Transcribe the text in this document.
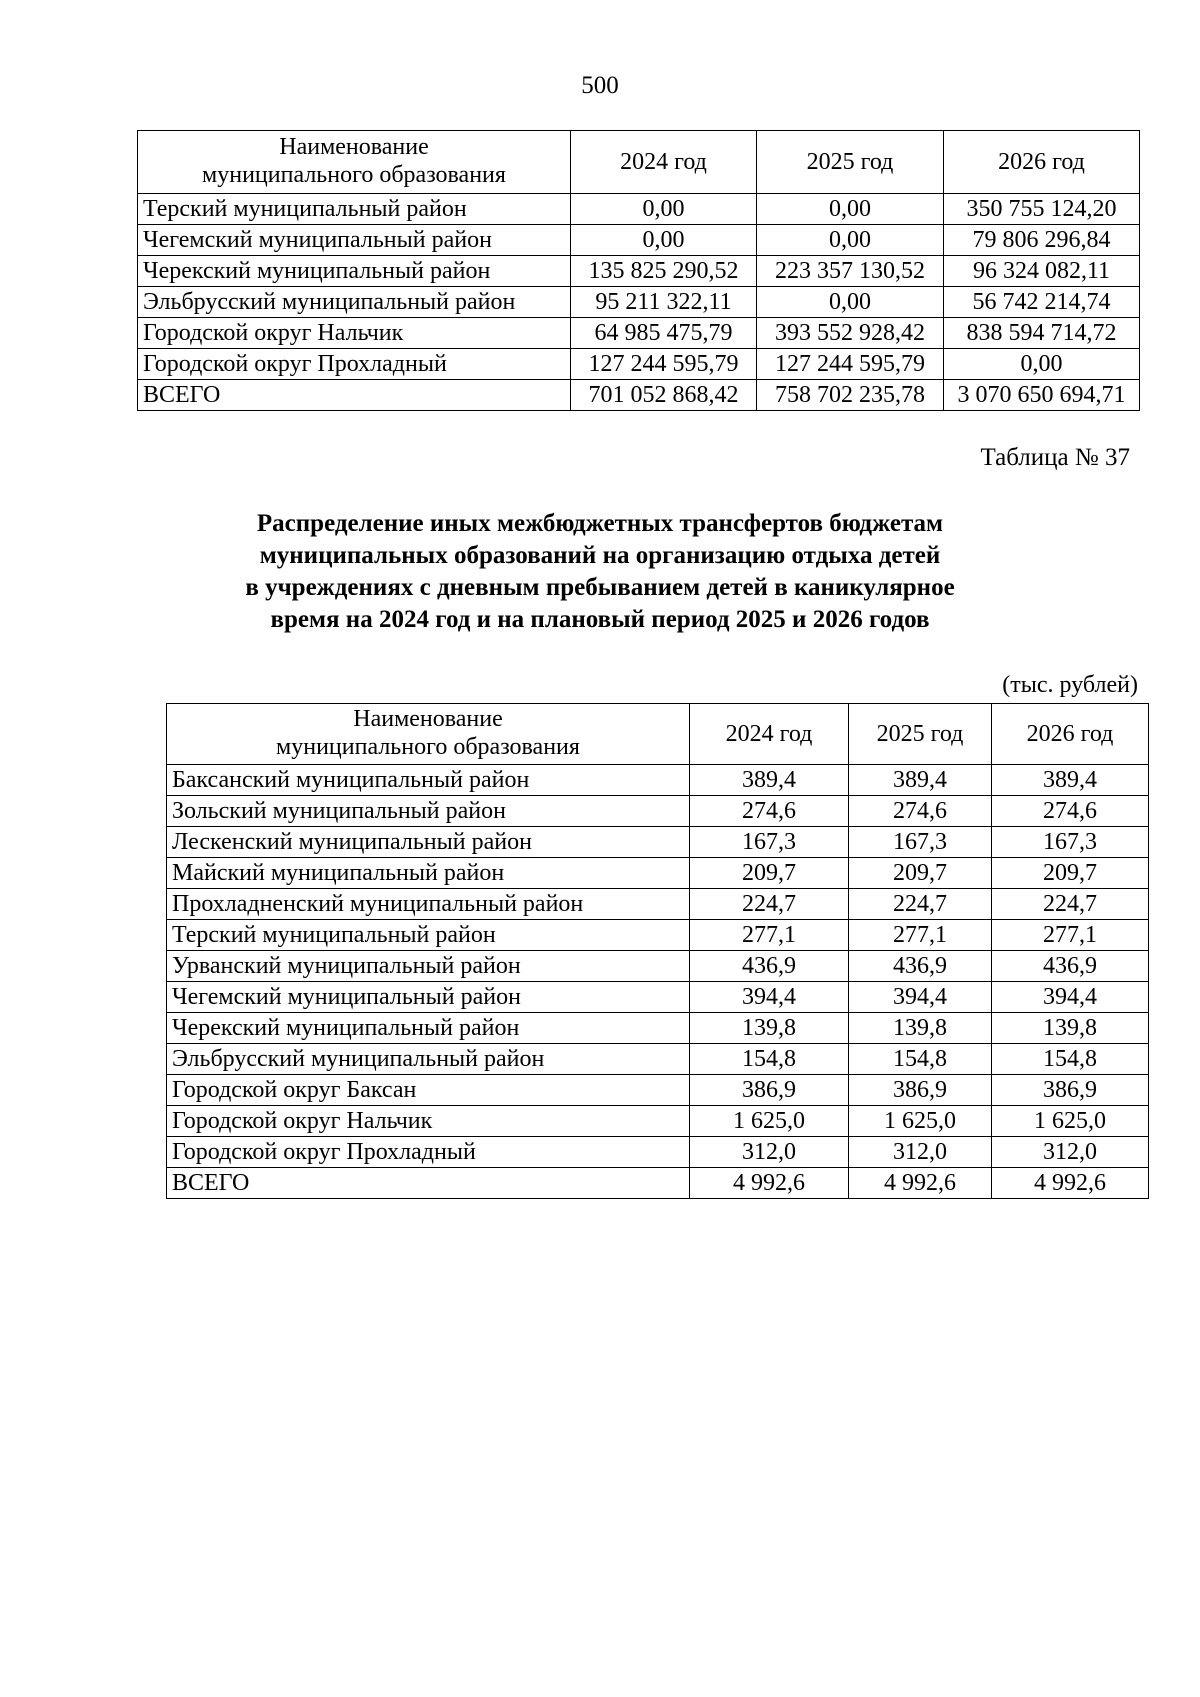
500
Наименование
муниципального образования	2024 год	2025 год	2026 год
Терский муниципальный район	0,00	0,00	350 755 124,20
Чегемский муниципальный район	0,00	0,00	79 806 296,84
Черекский муниципальный район	135 825 290,52	223 357 130,52	96 324 082,11
Эльбрусский муниципальный район	95 211 322,11	0,00	56 742 214,74
Городской округ Нальчик	64 985 475,79	393 552 928,42	838 594 714,72
Городской округ Прохладный	127 244 595,79	127 244 595,79	0,00
ВСЕГО	701 052 868,42	758 702 235,78	3 070 650 694,71
Таблица № 37
Распределение иных межбюджетных трансфертов бюджетам
муниципальных образований на организацию отдыха детей
в учреждениях с дневным пребыванием детей в каникулярное
время на 2024 год и на плановый период 2025 и 2026 годов
(тыс. рублей)
Наименование
муниципального образования	2024 год	2025 год	2026 год
Баксанский муниципальный район	389,4	389,4	389,4
Зольский муниципальный район	274,6	274,6	274,6
Лескенский муниципальный район	167,3	167,3	167,3
Майский муниципальный район	209,7	209,7	209,7
Прохладненский муниципальный район	224,7	224,7	224,7
Терский муниципальный район	277,1	277,1	277,1
Урванский муниципальный район	436,9	436,9	436,9
Чегемский муниципальный район	394,4	394,4	394,4
Черекский муниципальный район	139,8	139,8	139,8
Эльбрусский муниципальный район	154,8	154,8	154,8
Городской округ Баксан	386,9	386,9	386,9
Городской округ Нальчик	1 625,0	1 625,0	1 625,0
Городской округ Прохладный	312,0	312,0	312,0
ВСЕГО	4 992,6	4 992,6	4 992,6
